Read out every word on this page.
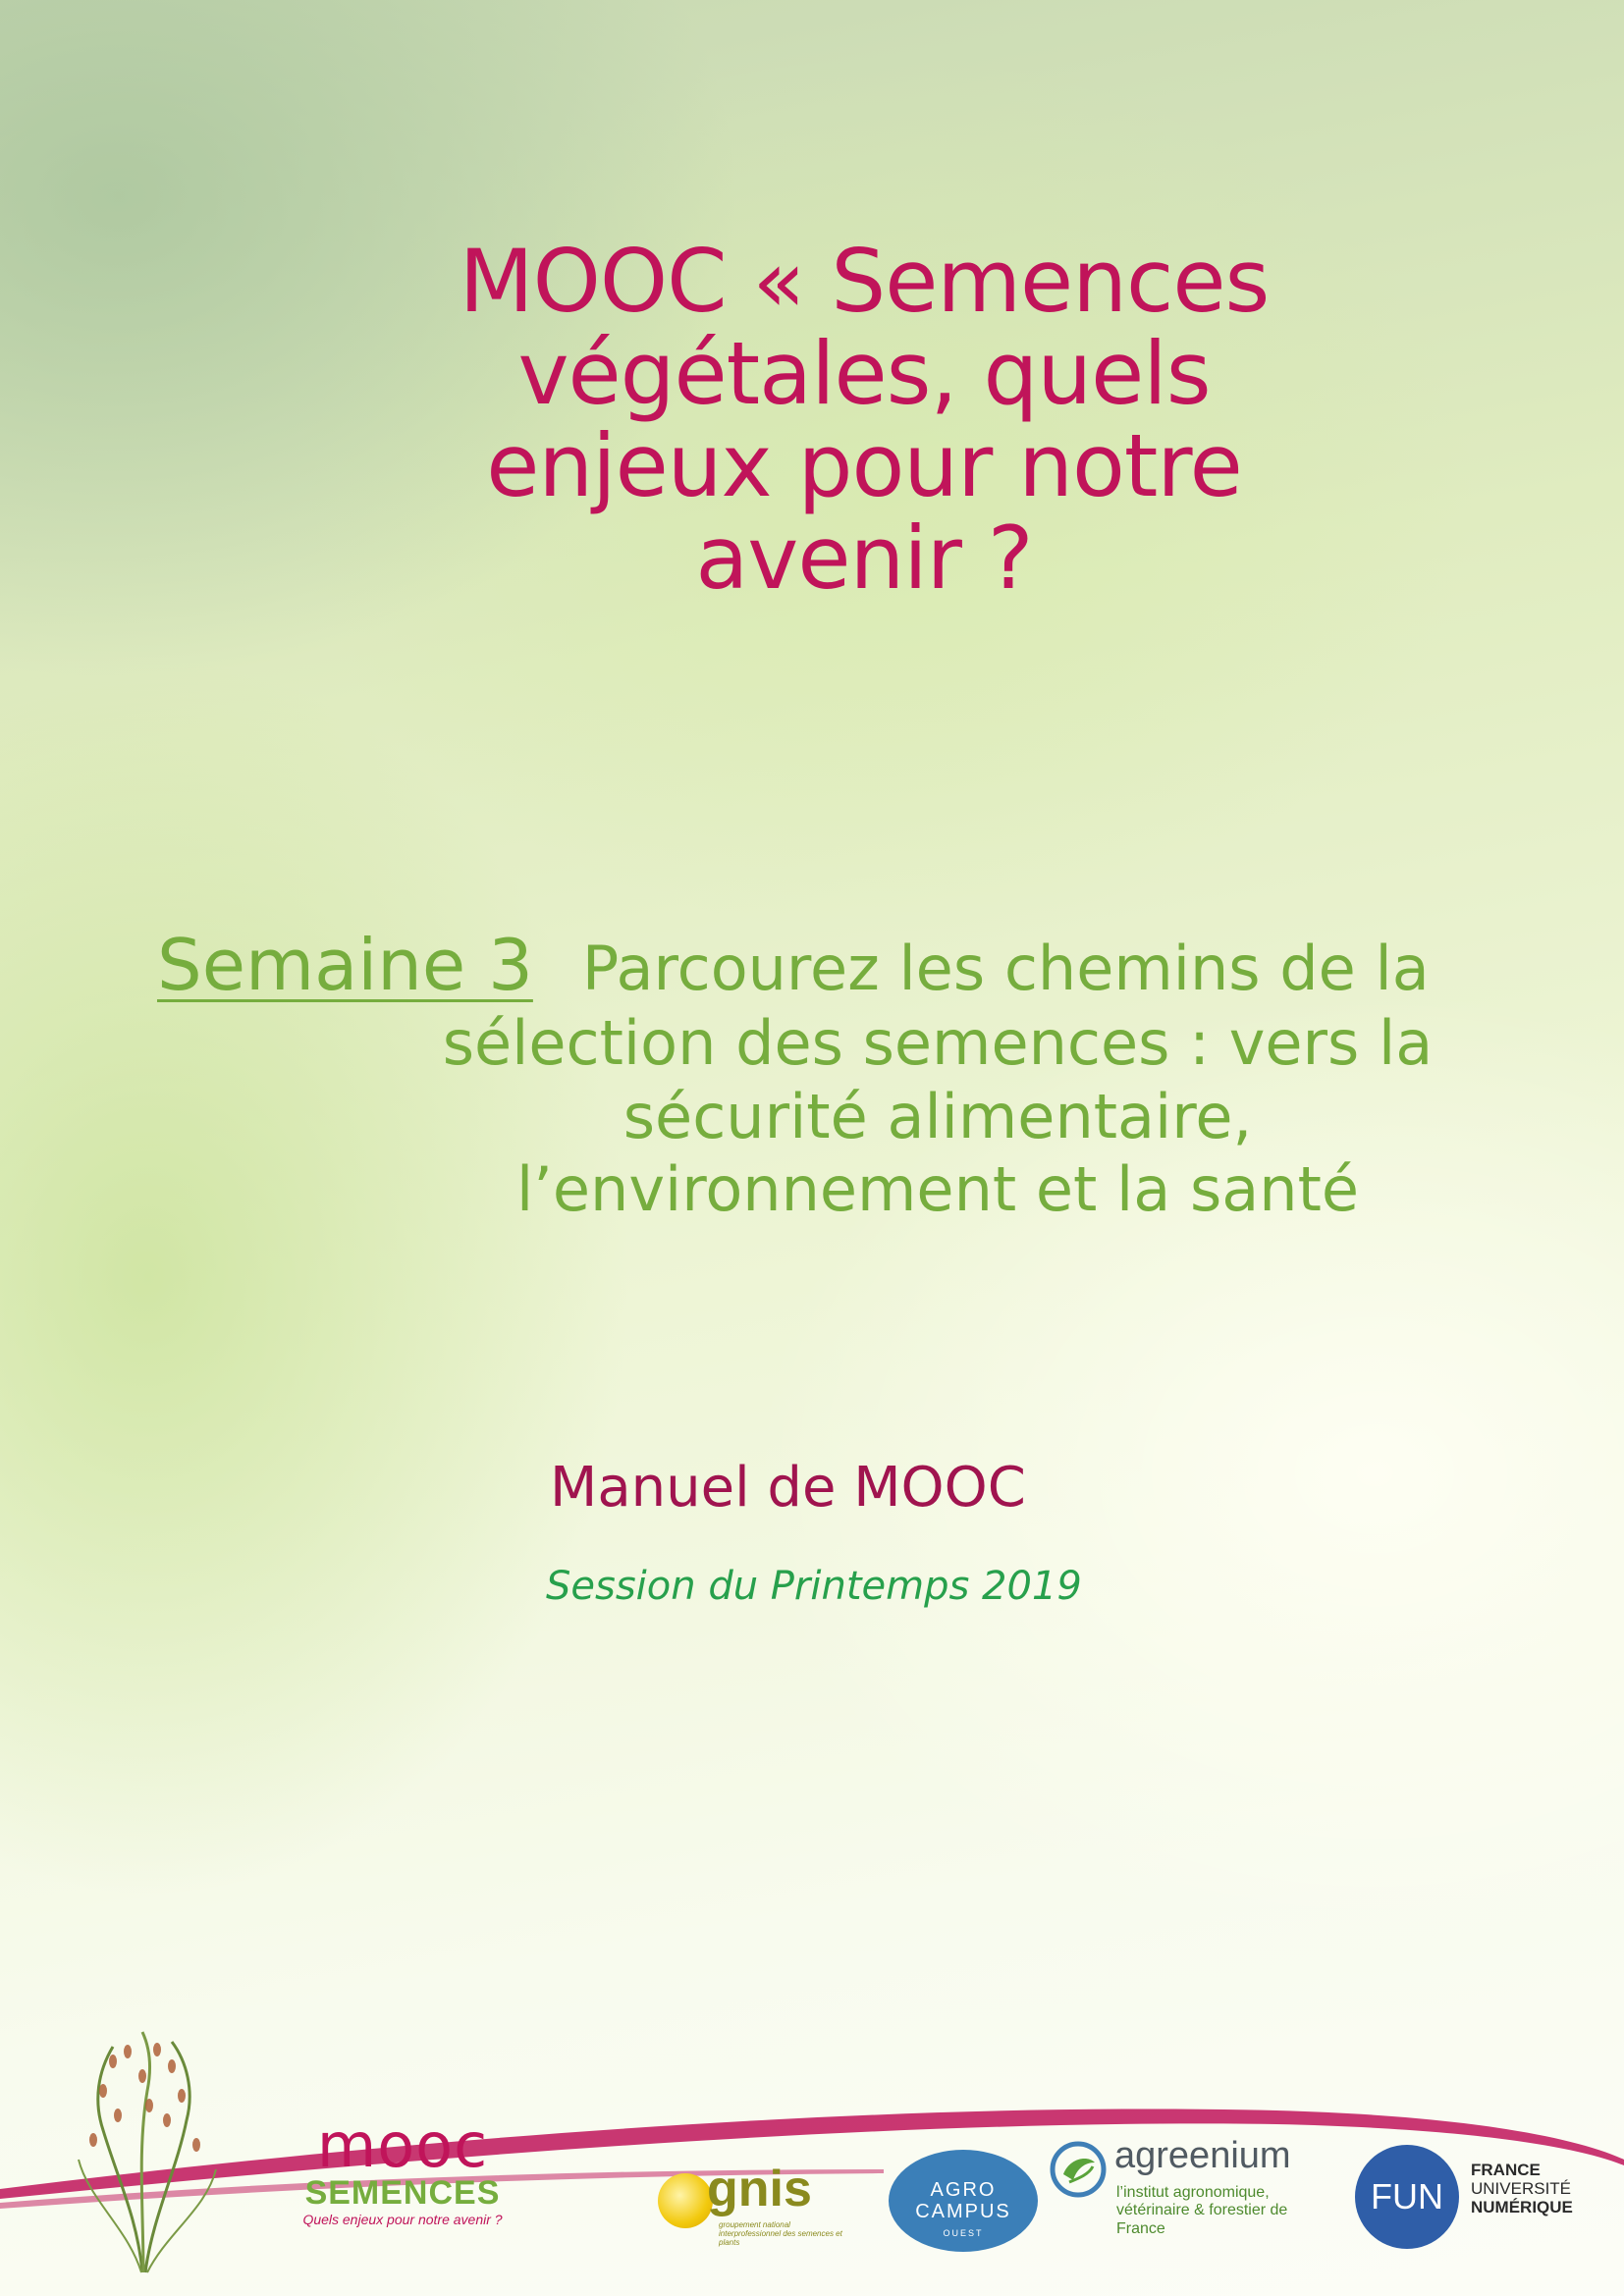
MOOC « Semences
végétales, quels
enjeux pour notre
avenir ?
Semaine 3 Parcourez les chemins de la
sélection des semences : vers la
sécurité alimentaire,
l’environnement et la santé
Manuel de MOOC

Session du Printemps 2019

mooc
SEMENCES
Quels enjeux pour notre avenir ?
gnis
groupement national interprofessionnel des semences et plants
AGRO
CAMPUS
OUEST
agreenium
l’institut agronomique, vétérinaire & forestier de France
FUN
FRANCE
UNIVERSITÉ
NUMÉRIQUE
